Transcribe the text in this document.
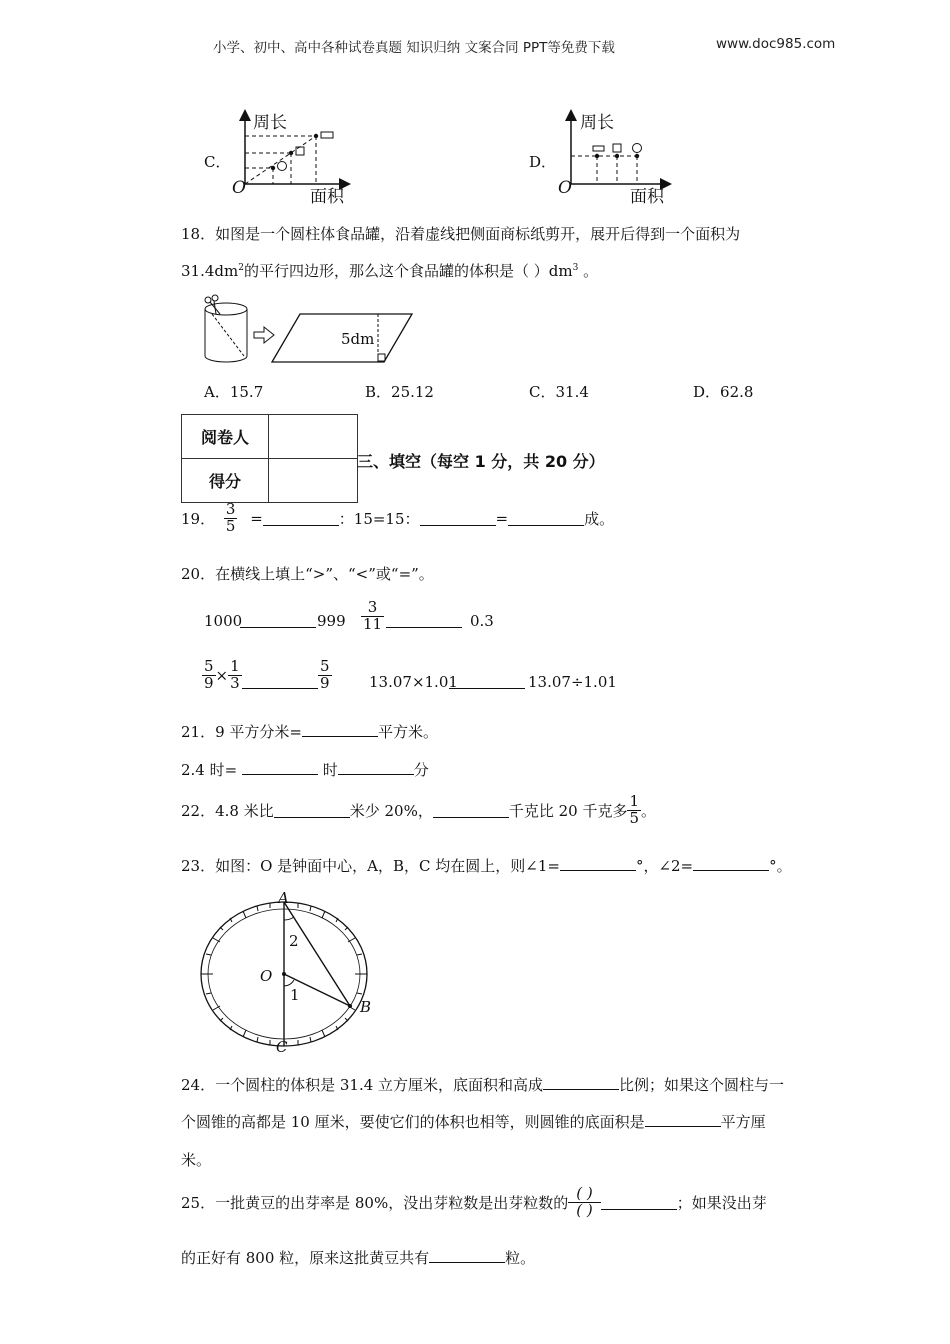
小学、初中、高中各种试卷真题 知识归纳 文案合同 PPT等免费下载	www.doc985.com
C．
周长
面积
O
D．
周长
面积
O
18．如图是一个圆柱体食品罐，沿着虚线把侧面商标纸剪开，展开后得到一个面积为
$31.4dm^2$的平行四边形，那么这个食品罐的体积是（ ）$dm^3$ 。
5dm
A．15.7	B．25.12	C．31.4	D．62.8
阅卷人	
得分	
三、填空（每空 1 分，共 20 分）
19． $\frac{3}{5}$ =	：15=15：	=	成。
20．在横线上填上“>”、“<”或“=”。
1000	$999 \frac{3}{11}$	0.3
$\frac{5}{9} \times \frac{1}{3}$	$\frac{5}{9} 13.07\times 1.01$	13.07÷1.01
21．9 平方分米=	平方米。
2.4 时=	时	分
22．4.8 米比	米少 20%，	千克比 20 千克多 $\frac{1}{5}$ 。
23．如图：O 是钟面中心，A，B，C 均在圆上，则∠1=	°，∠2=	°。
A
B
C
O
1
2
24．一个圆柱的体积是 31.4 立方厘米，底面积和高成	比例；如果这个圆柱与一
个圆锥的高都是 10 厘米，要使它们的体积也相等，则圆锥的底面积是	平方厘
米。
25．一批黄豆的出芽率是 80%，没出芽粒数是出芽粒数的 $\frac{( )}{( )}$	；如果没出芽
的正好有 800 粒，原来这批黄豆共有	粒。
